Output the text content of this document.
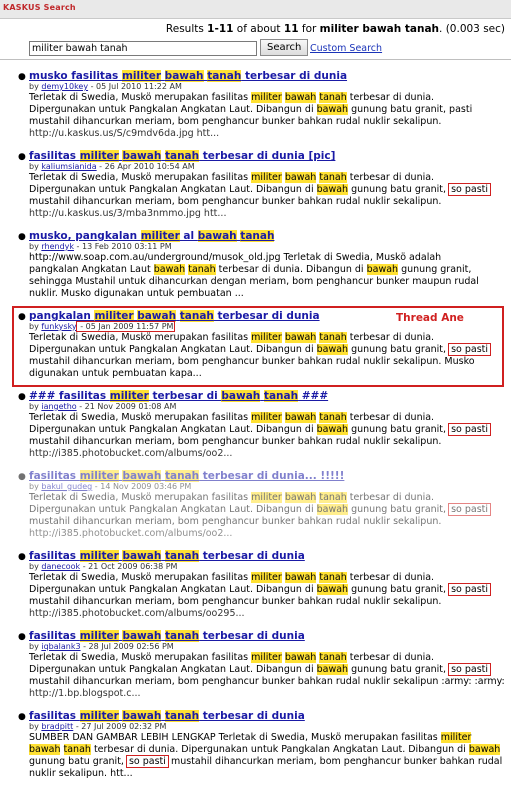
KASKUS Search
Results 1-11 of about 11 for militer bawah tanah. (0.003 sec)
militer bawah tanah
Search Custom Search
● musko fasilitas militer bawah tanah terbesar di dunia
by demy10key - 05 Jul 2010 11:22 AM
Terletak di Swedia, Muskö merupakan fasilitas militer bawah tanah terbesar di dunia.
Dipergunakan untuk Pangkalan Angkatan Laut. Dibangun di bawah gunung batu granit, pasti
mustahil dihancurkan meriam, bom penghancur bunker bahkan rudal nuklir sekalipun.
http://u.kaskus.us/S/c9mdv6da.jpg htt...
● fasilitas militer bawah tanah terbesar di dunia [pic]
by kaliumsianida - 26 Apr 2010 10:54 AM
Terletak di Swedia, Muskö merupakan fasilitas militer bawah tanah terbesar di dunia.
Dipergunakan untuk Pangkalan Angkatan Laut. Dibangun di bawah gunung batu granit, so pasti
mustahil dihancurkan meriam, bom penghancur bunker bahkan rudal nuklir sekalipun.
http://u.kaskus.us/3/mba3nmmo.jpg htt...
● musko, pangkalan militer al bawah tanah
by rhendyk - 13 Feb 2010 03:11 PM
http://www.soap.com.au/underground/musok_old.jpg Terletak di Swedia, Muskö adalah
pangkalan Angkatan Laut bawah tanah terbesar di dunia. Dibangun di bawah gunung granit,
sehingga Mustahil untuk dihancurkan dengan meriam, bom penghancur bunker maupun rudal
nuklir. Musko digunakan untuk pembuatan ...
● pangkalan militer bawah tanah terbesar di dunia
by funkysky - 05 Jan 2009 11:57 PM
Terletak di Swedia, Muskö merupakan fasilitas militer bawah tanah terbesar di dunia.
Dipergunakan untuk Pangkalan Angkatan Laut. Dibangun di bawah gunung batu granit, so pasti
mustahil dihancurkan meriam, bom penghancur bunker bahkan rudal nuklir sekalipun. Musko
digunakan untuk pembuatan kapa...
● ### fasilitas militer terbesar di bawah tanah ###
by iangetho - 21 Nov 2009 01:08 AM
Terletak di Swedia, Muskö merupakan fasilitas militer bawah tanah terbesar di dunia.
Dipergunakan untuk Pangkalan Angkatan Laut. Dibangun di bawah gunung batu granit, so pasti
mustahil dihancurkan meriam, bom penghancur bunker bahkan rudal nuklir sekalipun.
http://i385.photobucket.com/albums/oo2...
● fasilitas militer bawah tanah terbesar di dunia... !!!!!
by bakul_gudeg - 14 Nov 2009 03:46 PM
Terletak di Swedia, Muskö merupakan fasilitas militer bawah tanah terbesar di dunia.
Dipergunakan untuk Pangkalan Angkatan Laut. Dibangun di bawah gunung batu granit, so pasti
mustahil dihancurkan meriam, bom penghancur bunker bahkan rudal nuklir sekalipun.
http://i385.photobucket.com/albums/oo2...
● fasilitas militer bawah tanah terbesar di dunia
by danecook - 21 Oct 2009 06:38 PM
Terletak di Swedia, Muskö merupakan fasilitas militer bawah tanah terbesar di dunia.
Dipergunakan untuk Pangkalan Angkatan Laut. Dibangun di bawah gunung batu granit, so pasti
mustahil dihancurkan meriam, bom penghancur bunker bahkan rudal nuklir sekalipun.
http://i385.photobucket.com/albums/oo295...
● fasilitas militer bawah tanah terbesar di dunia
by iqbalank3 - 28 Jul 2009 02:56 PM
Terletak di Swedia, Muskö merupakan fasilitas militer bawah tanah terbesar di dunia.
Dipergunakan untuk Pangkalan Angkatan Laut. Dibangun di bawah gunung batu granit, so pasti
mustahil dihancurkan meriam, bom penghancur bunker bahkan rudal nuklir sekalipun :army: :army:
http://1.bp.blogspot.c...
● fasilitas militer bawah tanah terbesar di dunia
by bradpitt - 27 Jul 2009 02:32 PM
SUMBER DAN GAMBAR LEBIH LENGKAP Terletak di Swedia, Muskö merupakan fasilitas militer
bawah tanah terbesar di dunia. Dipergunakan untuk Pangkalan Angkatan Laut. Dibangun di bawah
gunung batu granit, so pasti mustahil dihancurkan meriam, bom penghancur bunker bahkan rudal
nuklir sekalipun. htt...
Thread Ane
